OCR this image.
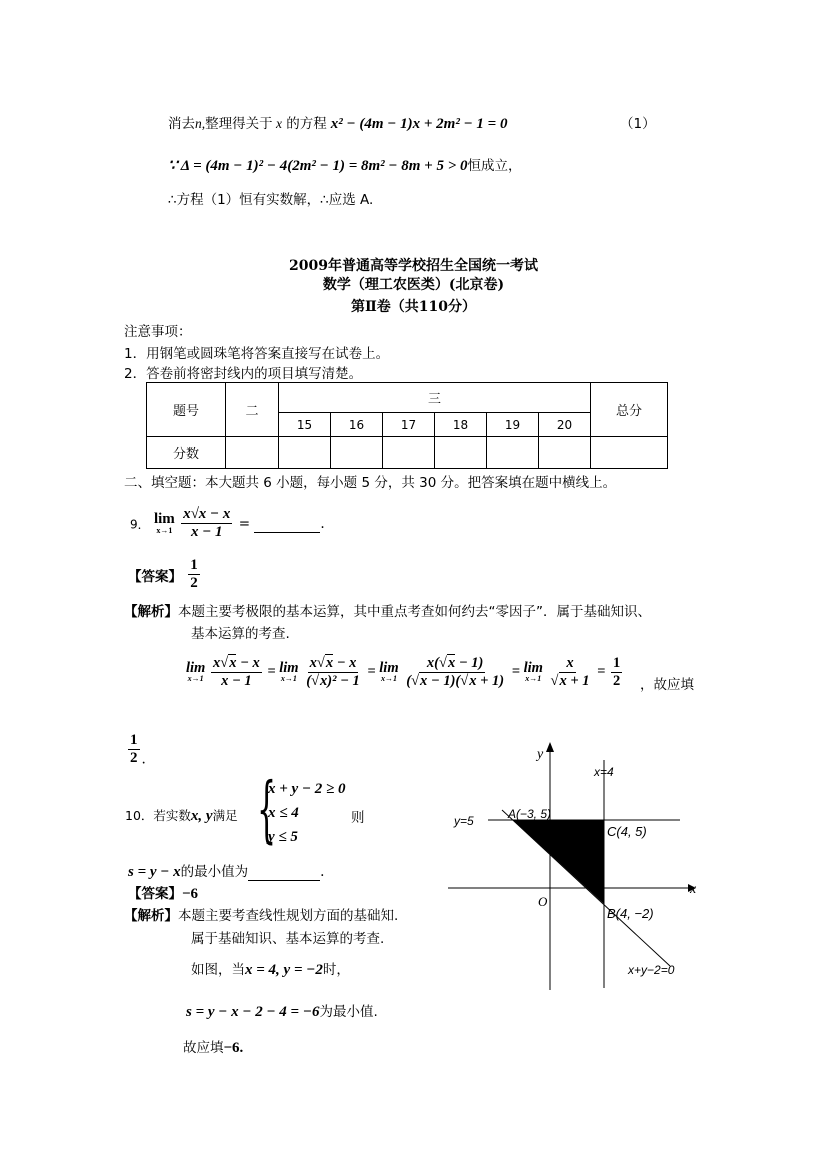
消去n,整理得关于 x 的方程 x² − (4m − 1)x + 2m² − 1 = 0	（1）
∵ Δ = (4m − 1)² − 4(2m² − 1) = 8m² − 8m + 5 > 0恒成立，
∴方程（1）恒有实数解，∴应选 A.
2009年普通高等学校招生全国统一考试
数学（理工农医类）(北京卷)
第Ⅱ卷（共110分）
注意事项：
1．用钢笔或圆珠笔将答案直接写在试卷上。
2．答卷前将密封线内的项目填写清楚。
题号	二	三						总分
		15	16	17	18	19	20	
分数								
二、填空题：本大题共 6 小题，每小题 5 分，共 30 分。把答案填在题中横线上。
9． lim
x→1
$\frac{x√x - x}{x - 1}$ =	.
【答案】 $\frac{1}{2}$
【解析】本题主要考极限的基本运算，其中重点考查如何约去“零因子”．属于基础知识、
基本运算的考查.
lim
x→1
$\frac{x√x - x}{x - 1} = \lim$
x→1
$\frac{x√x - x}{\text{(√x)² − 1}} = \lim$
x→1
$\frac{x(√x - 1)}{(√x - 1)(√x + 1)} = \lim$
x→1
$\frac{x}{√x + 1} = \frac{1}{2}$ ，故应填
$\frac{1}{2}$ .
10．若实数x, y满足 {
x + y − 2 ≥ 0
x ≤ 4
y ≤ 5
则
s = y − x的最小值为	.
【答案】−6
【解析】本题主要考查线性规划方面的基础知.
属于基础知识、基本运算的考查.
如图，当x = 4, y = −2时，
s = y − x − 2 − 4 = −6为最小值.
故应填−6.
y
x
O
x=4
y=5	A(−3, 5)
C(4, 5)
B(4, −2)
x+y−2=0
